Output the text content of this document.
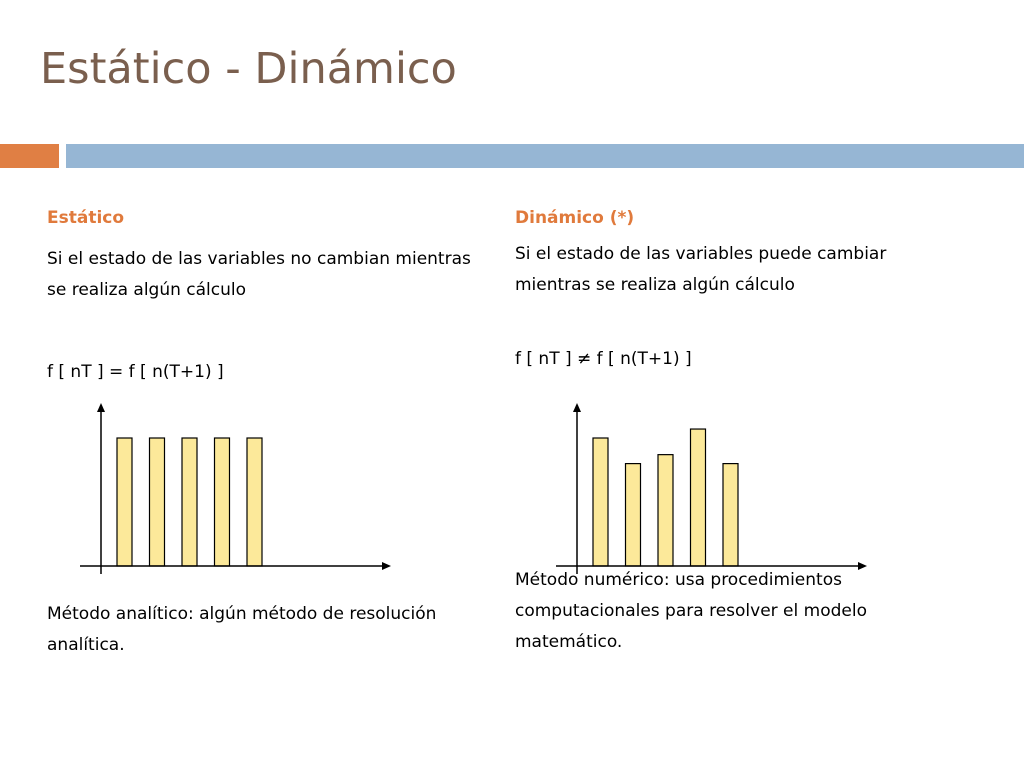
Estático - Dinámico
Estático

Si el estado de las variables no cambian mientras se realiza algún cálculo

f [ nT ] = f [ n(T+1) ]

Método analítico: algún método de resolución analítica.

Dinámico (*)

Si el estado de las variables puede cambiar mientras se realiza algún cálculo

f [ nT ] ≠ f [ n(T+1) ]

Método numérico: usa procedimientos computacionales para resolver el modelo matemático.
